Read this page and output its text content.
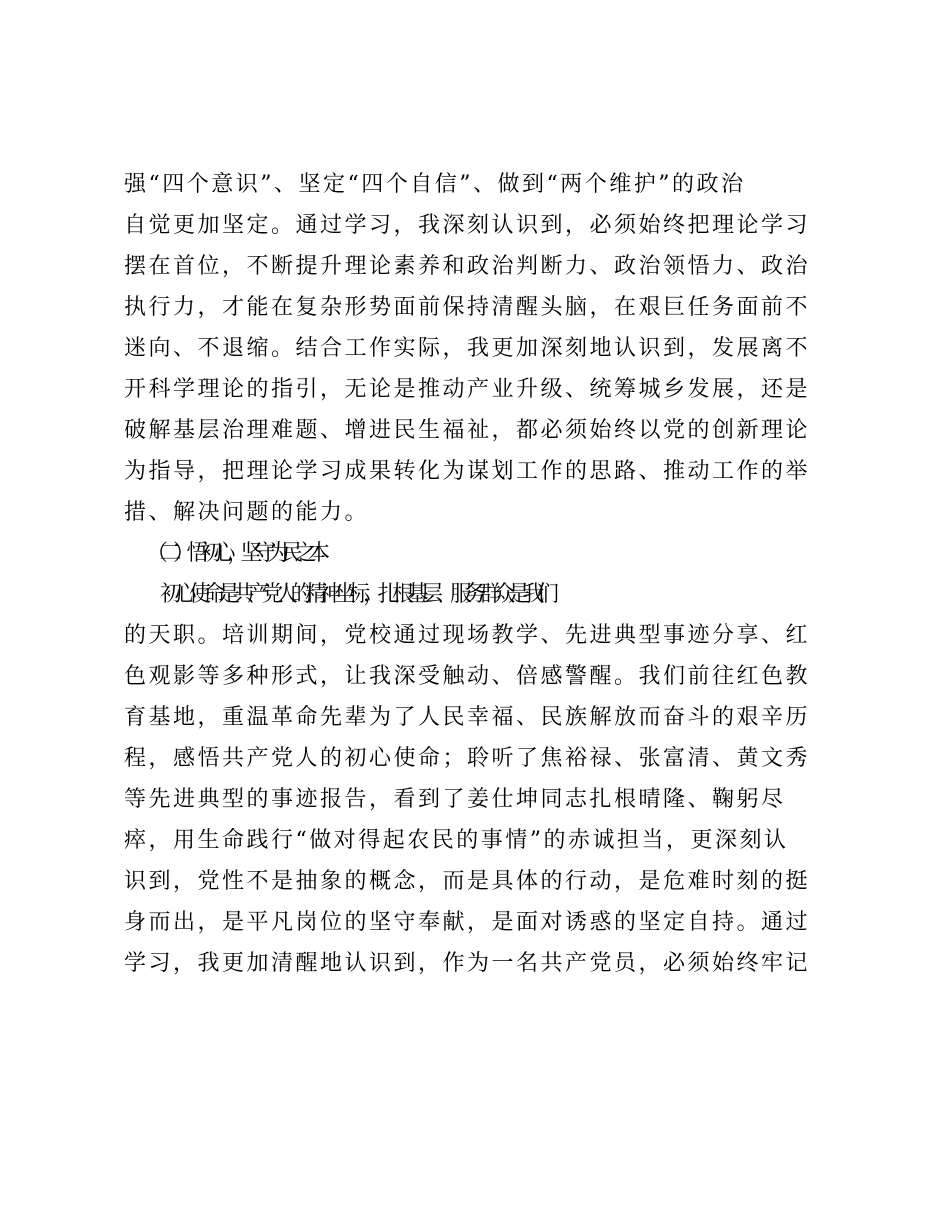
强“四个意识”、坚定“四个自信”、做到“两个维护”的政治
自觉更加坚定。通过学习，我深刻认识到，必须始终把理论学习
摆在首位，不断提升理论素养和政治判断力、政治领悟力、政治
执行力，才能在复杂形势面前保持清醒头脑，在艰巨任务面前不
迷向、不退缩。结合工作实际，我更加深刻地认识到，发展离不
开科学理论的指引，无论是推动产业升级、统筹城乡发展，还是
破解基层治理难题、增进民生福祉，都必须始终以党的创新理论
为指导，把理论学习成果转化为谋划工作的思路、推动工作的举
措、解决问题的能力。
（二）悟初心，坚守为民之本
初心使命是共产党人的精神坐标，扎根基层、服务群众是我们
的天职。培训期间，党校通过现场教学、先进典型事迹分享、红
色观影等多种形式，让我深受触动、倍感警醒。我们前往红色教
育基地，重温革命先辈为了人民幸福、民族解放而奋斗的艰辛历
程，感悟共产党人的初心使命；聆听了焦裕禄、张富清、黄文秀
等先进典型的事迹报告，看到了姜仕坤同志扎根晴隆、鞠躬尽
瘁，用生命践行“做对得起农民的事情”的赤诚担当，更深刻认
识到，党性不是抽象的概念，而是具体的行动，是危难时刻的挺
身而出，是平凡岗位的坚守奉献，是面对诱惑的坚定自持。通过
学习，我更加清醒地认识到，作为一名共产党员，必须始终牢记
